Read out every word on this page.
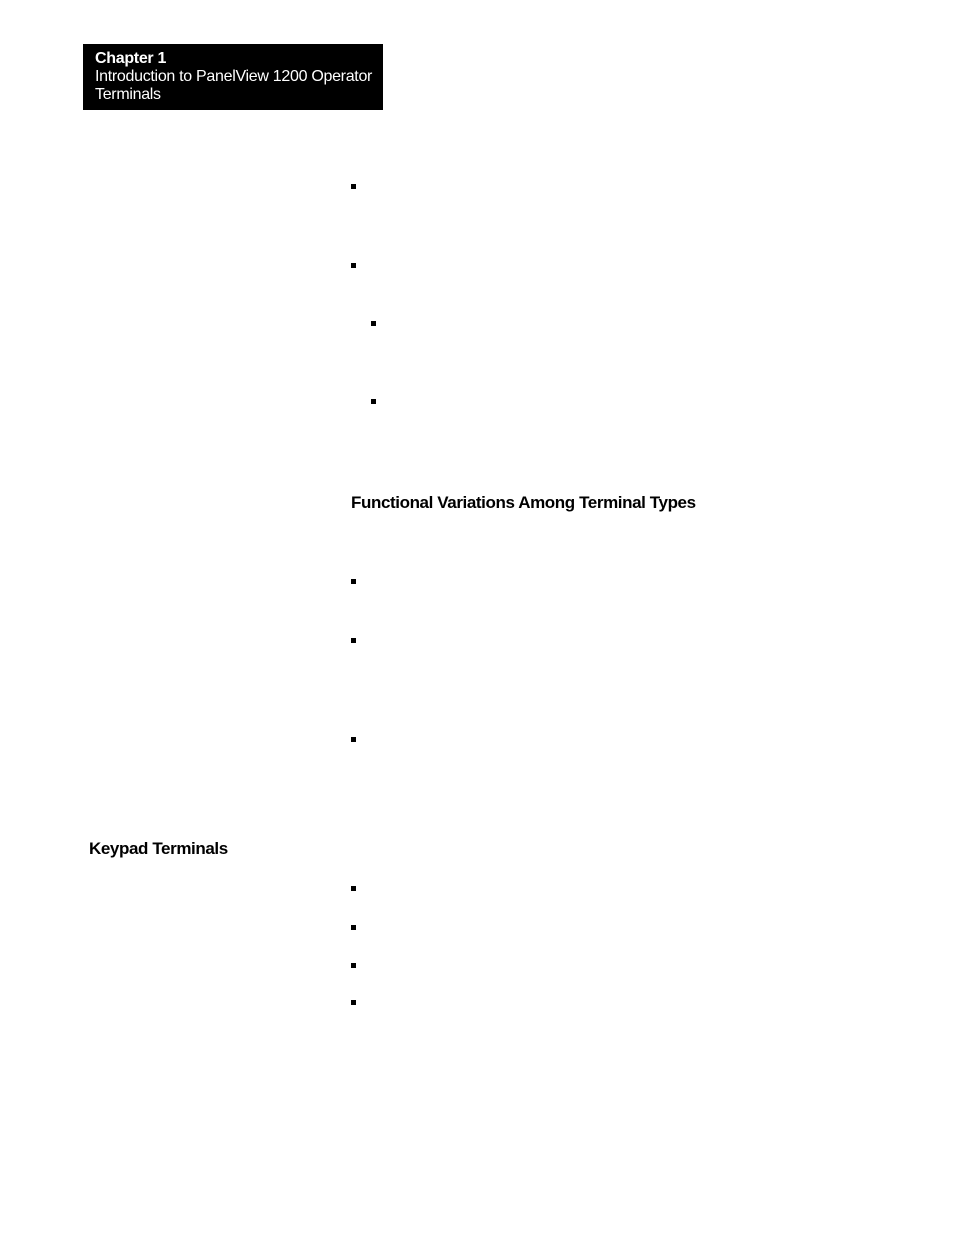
Chapter 1
Introduction to PanelView 1200 Operator Terminals
Functional Variations Among Terminal Types
Keypad Terminals
